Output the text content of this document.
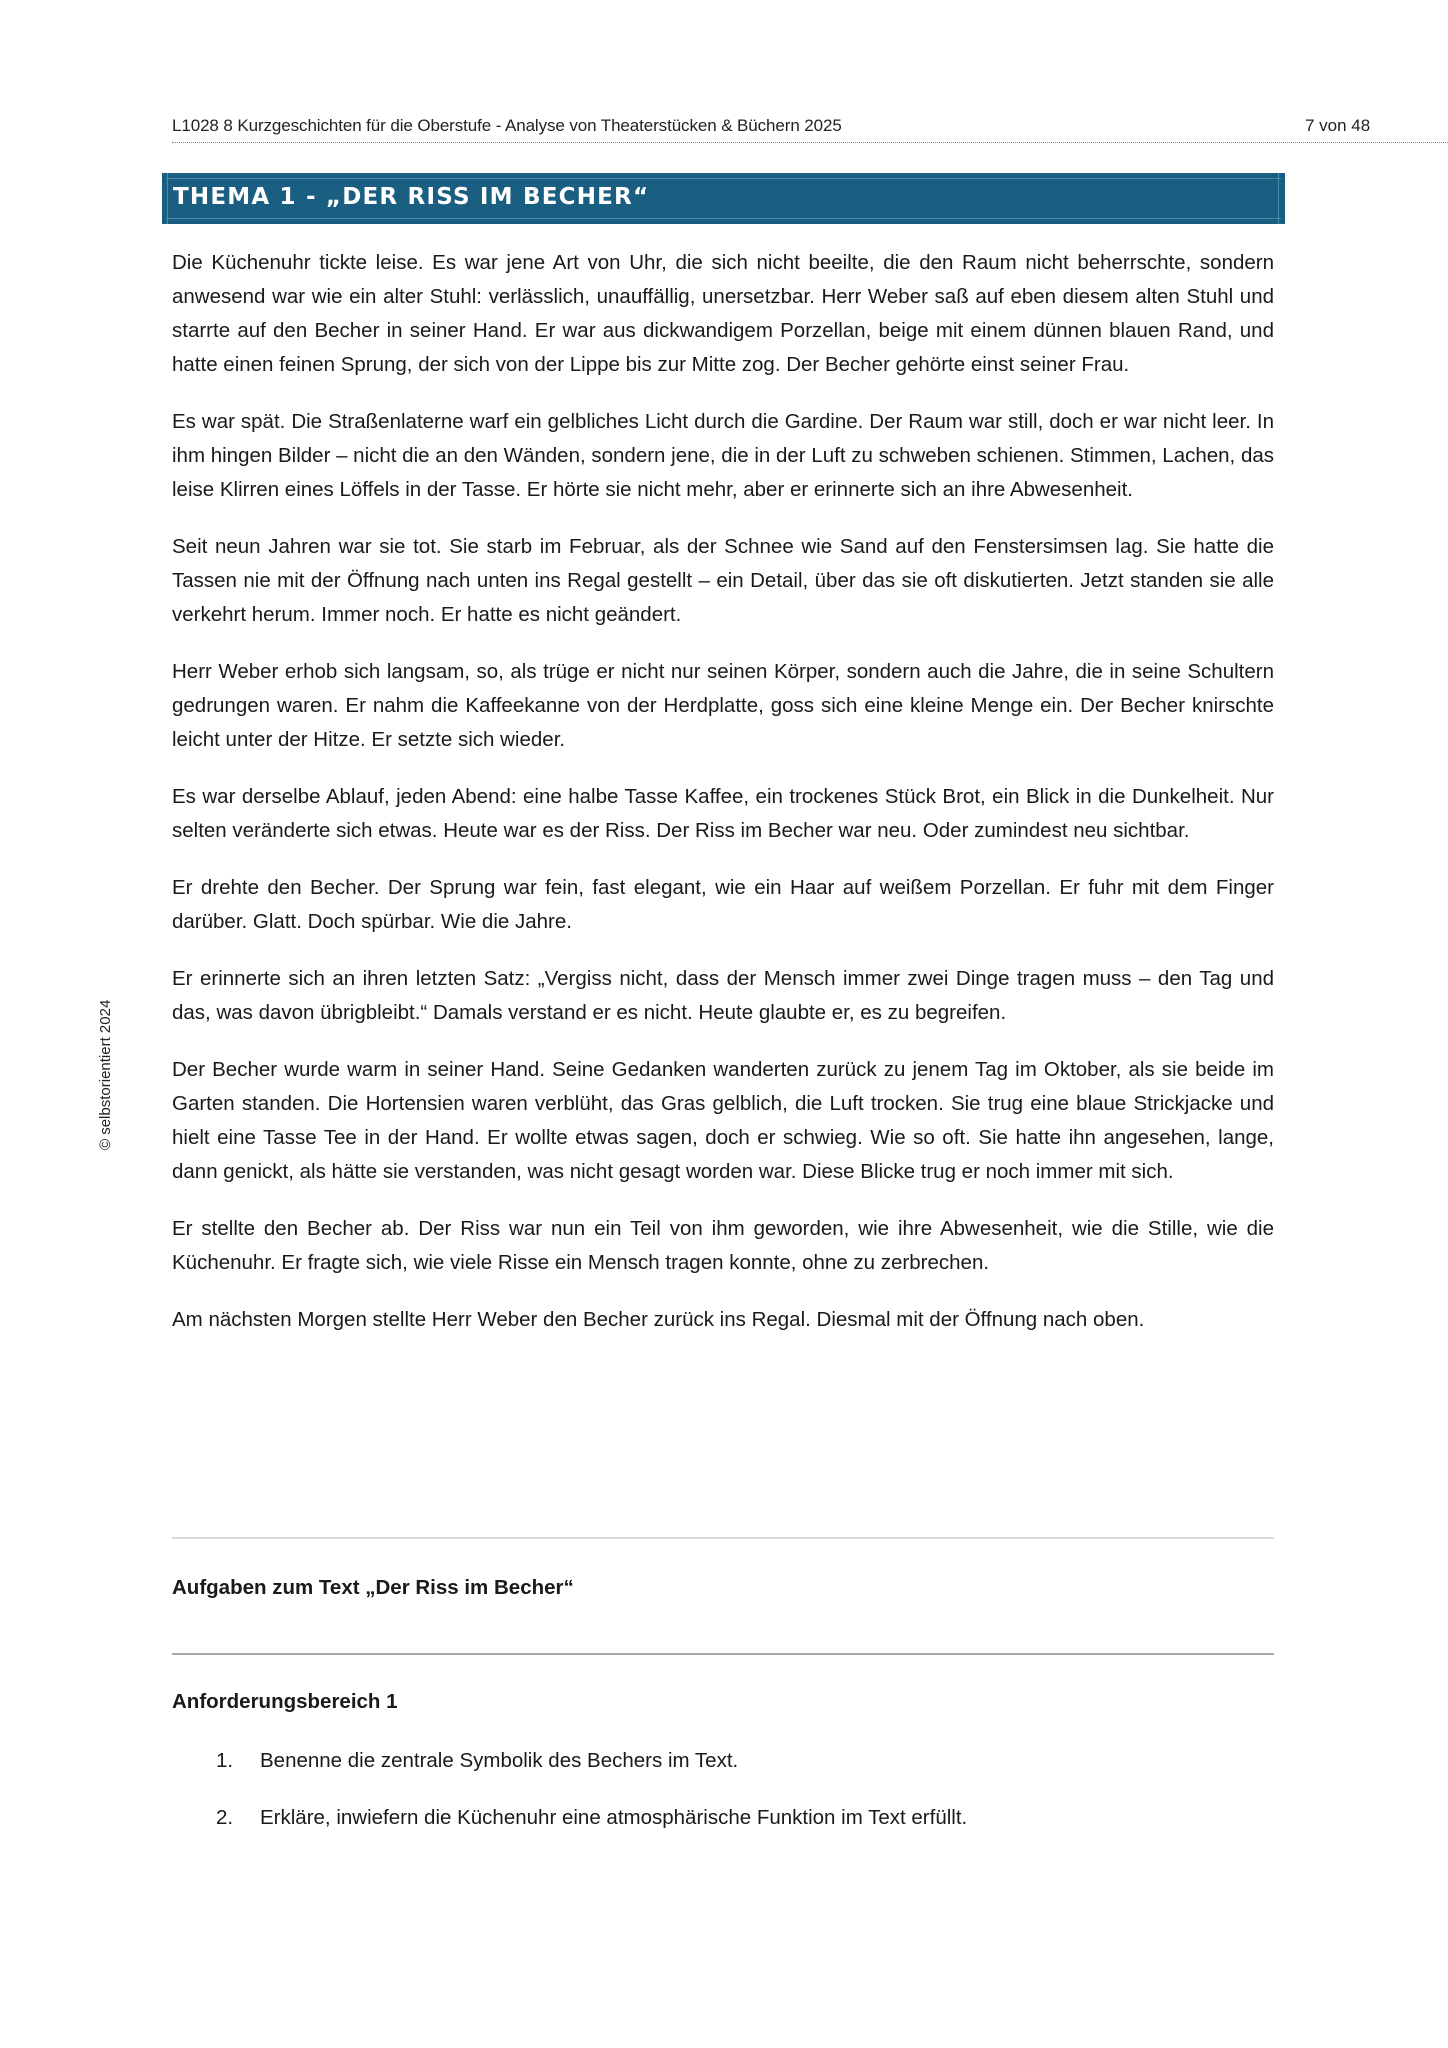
L1028 8 Kurzgeschichten für die Oberstufe - Analyse von Theaterstücken & Büchern 2025	7 von 48
© selbstorientiert 2024
THEMA 1 - „DER RISS IM BECHER“

Die Küchenuhr tickte leise. Es war jene Art von Uhr, die sich nicht beeilte, die den Raum nicht beherrschte, sondern anwesend war wie ein alter Stuhl: verlässlich, unauffällig, unersetzbar. Herr Weber saß auf eben diesem alten Stuhl und starrte auf den Becher in seiner Hand. Er war aus dickwandigem Porzellan, beige mit einem dünnen blauen Rand, und hatte einen feinen Sprung, der sich von der Lippe bis zur Mitte zog. Der Becher gehörte einst seiner Frau.

Es war spät. Die Straßenlaterne warf ein gelbliches Licht durch die Gardine. Der Raum war still, doch er war nicht leer. In ihm hingen Bilder – nicht die an den Wänden, sondern jene, die in der Luft zu schweben schienen. Stimmen, Lachen, das leise Klirren eines Löffels in der Tasse. Er hörte sie nicht mehr, aber er erinnerte sich an ihre Abwesenheit.

Seit neun Jahren war sie tot. Sie starb im Februar, als der Schnee wie Sand auf den Fenstersimsen lag. Sie hatte die Tassen nie mit der Öffnung nach unten ins Regal gestellt – ein Detail, über das sie oft diskutierten. Jetzt standen sie alle verkehrt herum. Immer noch. Er hatte es nicht geändert.

Herr Weber erhob sich langsam, so, als trüge er nicht nur seinen Körper, sondern auch die Jahre, die in seine Schultern gedrungen waren. Er nahm die Kaffeekanne von der Herdplatte, goss sich eine kleine Menge ein. Der Becher knirschte leicht unter der Hitze. Er setzte sich wieder.

Es war derselbe Ablauf, jeden Abend: eine halbe Tasse Kaffee, ein trockenes Stück Brot, ein Blick in die Dunkelheit. Nur selten veränderte sich etwas. Heute war es der Riss. Der Riss im Becher war neu. Oder zumindest neu sichtbar.

Er drehte den Becher. Der Sprung war fein, fast elegant, wie ein Haar auf weißem Porzellan. Er fuhr mit dem Finger darüber. Glatt. Doch spürbar. Wie die Jahre.

Er erinnerte sich an ihren letzten Satz: „Vergiss nicht, dass der Mensch immer zwei Dinge tragen muss – den Tag und das, was davon übrigbleibt.“ Damals verstand er es nicht. Heute glaubte er, es zu begreifen.

Der Becher wurde warm in seiner Hand. Seine Gedanken wanderten zurück zu jenem Tag im Oktober, als sie beide im Garten standen. Die Hortensien waren verblüht, das Gras gelblich, die Luft trocken. Sie trug eine blaue Strickjacke und hielt eine Tasse Tee in der Hand. Er wollte etwas sagen, doch er schwieg. Wie so oft. Sie hatte ihn angesehen, lange, dann genickt, als hätte sie verstanden, was nicht gesagt worden war. Diese Blicke trug er noch immer mit sich.

Er stellte den Becher ab. Der Riss war nun ein Teil von ihm geworden, wie ihre Abwesenheit, wie die Stille, wie die Küchenuhr. Er fragte sich, wie viele Risse ein Mensch tragen konnte, ohne zu zerbrechen.

Am nächsten Morgen stellte Herr Weber den Becher zurück ins Regal. Diesmal mit der Öffnung nach oben.

Aufgaben zum Text „Der Riss im Becher“
Anforderungsbereich 1
1. Benenne die zentrale Symbolik des Bechers im Text.
2. Erkläre, inwiefern die Küchenuhr eine atmosphärische Funktion im Text erfüllt.
